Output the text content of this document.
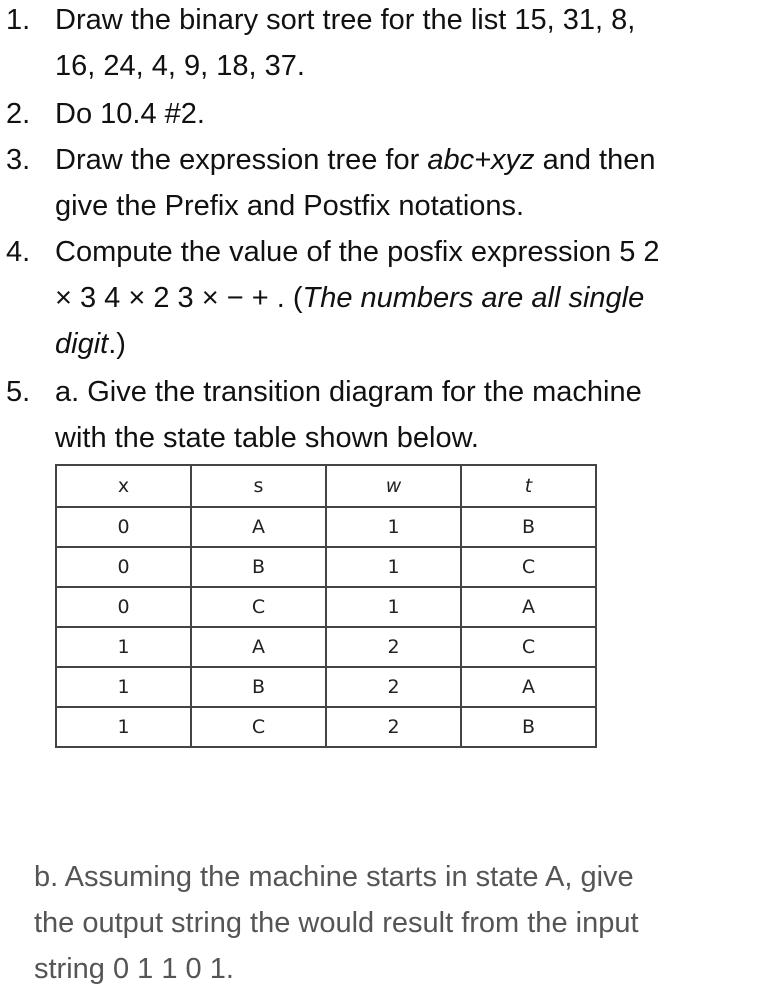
1. Draw the binary sort tree for the list 15, 31, 8,
16, 24, 4, 9, 18, 37.
2. Do 10.4 #2.
3. Draw the expression tree for abc+xyz and then
give the Prefix and Postfix notations.
4. Compute the value of the posfix expression 5 2
× 3 4 × 2 3 × − + . (The numbers are all single
digit.)
5. a. Give the transition diagram for the machine
with the state table shown below.
x	s	w	t
0	A	1	B
0	B	1	C
0	C	1	A
1	A	2	C
1	B	2	A
1	C	2	B
b. Assuming the machine starts in state A, give
the output string the would result from the input
string 0 1 1 0 1.
